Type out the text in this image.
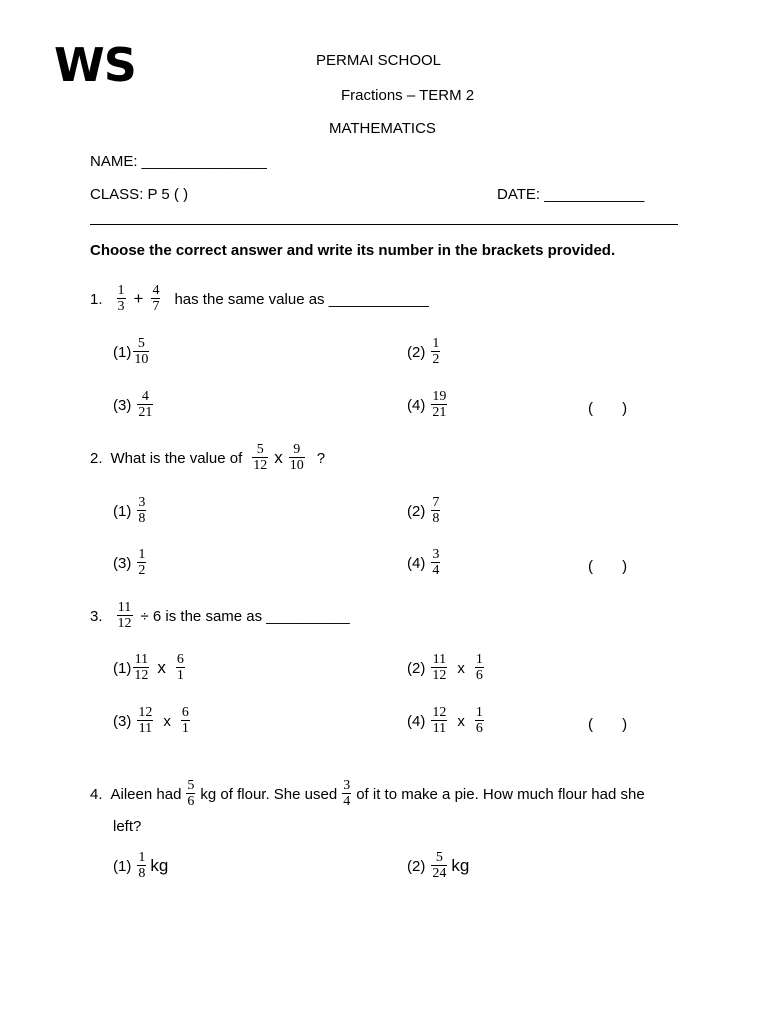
WS	PERMAI SCHOOL
Fractions – TERM 2
MATHEMATICS
NAME: _______________
CLASS: P 5 ( )	DATE: ____________
Choose the correct answer and write its number in the brackets provided.
1. $\frac{1}{3} + \frac{4}{7}$ has the same value as ____________
$(1) \frac{5}{10}$	$(2) \frac{1}{2}$
$(3) \frac{4}{21}$	$(4) \frac{19}{21}$	(       )
2. What is the value of $\frac{5}{12}$ x $\frac{9}{10}$ ?
$(1) \frac{3}{8}$	$(2) \frac{7}{8}$
$(3) \frac{1}{2}$	$(4) \frac{3}{4}$	(       )
3. $\frac{11}{12} \div 6$ is the same as __________
$(1) \frac{11}{12}$ x $\frac{6}{1}$	$(2) \frac{11}{12}$ x $\frac{1}{6}$
$(3) \frac{12}{11}$ x $\frac{6}{1}$	$(4) \frac{12}{11}$ x $\frac{1}{6}$	(       )
4. Aileen had $\frac{5}{6}$ kg of flour. She used $\frac{3}{4}$ of it to make a pie. How much flour had she
left?
$(1) \frac{1}{8}$ kg	$(2) \frac{5}{24}$ kg
